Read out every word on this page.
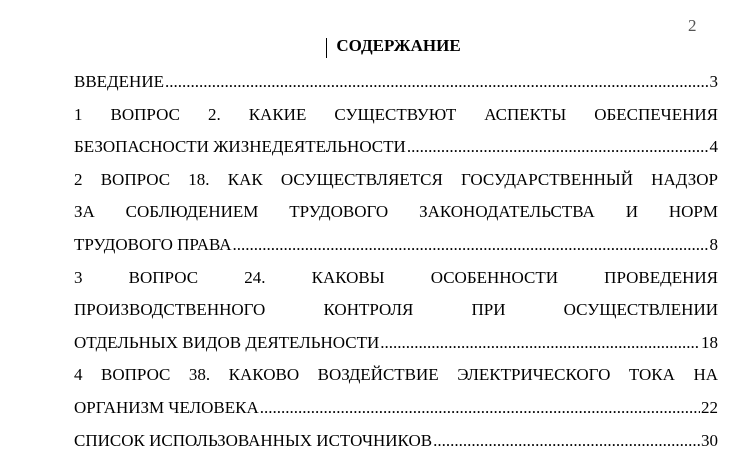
2
СОДЕРЖАНИЕ
ВВЕДЕНИЕ .....	3
1 ВОПРОС 2. КАКИЕ СУЩЕСТВУЮТ АСПЕКТЫ ОБЕСПЕЧЕНИЯ
БЕЗОПАСНОСТИ ЖИЗНЕДЕЯТЕЛЬНОСТИ .....	4
2 ВОПРОС 18. КАК ОСУЩЕСТВЛЯЕТСЯ ГОСУДАРСТВЕННЫЙ НАДЗОР
ЗА СОБЛЮДЕНИЕМ ТРУДОВОГО ЗАКОНОДАТЕЛЬСТВА И НОРМ
ТРУДОВОГО ПРАВА .....	8
3 ВОПРОС 24. КАКОВЫ ОСОБЕННОСТИ ПРОВЕДЕНИЯ
ПРОИЗВОДСТВЕННОГО КОНТРОЛЯ ПРИ ОСУЩЕСТВЛЕНИИ
ОТДЕЛЬНЫХ ВИДОВ ДЕЯТЕЛЬНОСТИ .....	18
4 ВОПРОС 38. КАКОВО ВОЗДЕЙСТВИЕ ЭЛЕКТРИЧЕСКОГО ТОКА НА
ОРГАНИЗМ ЧЕЛОВЕКА .....	22
СПИСОК ИСПОЛЬЗОВАННЫХ ИСТОЧНИКОВ .....	30
